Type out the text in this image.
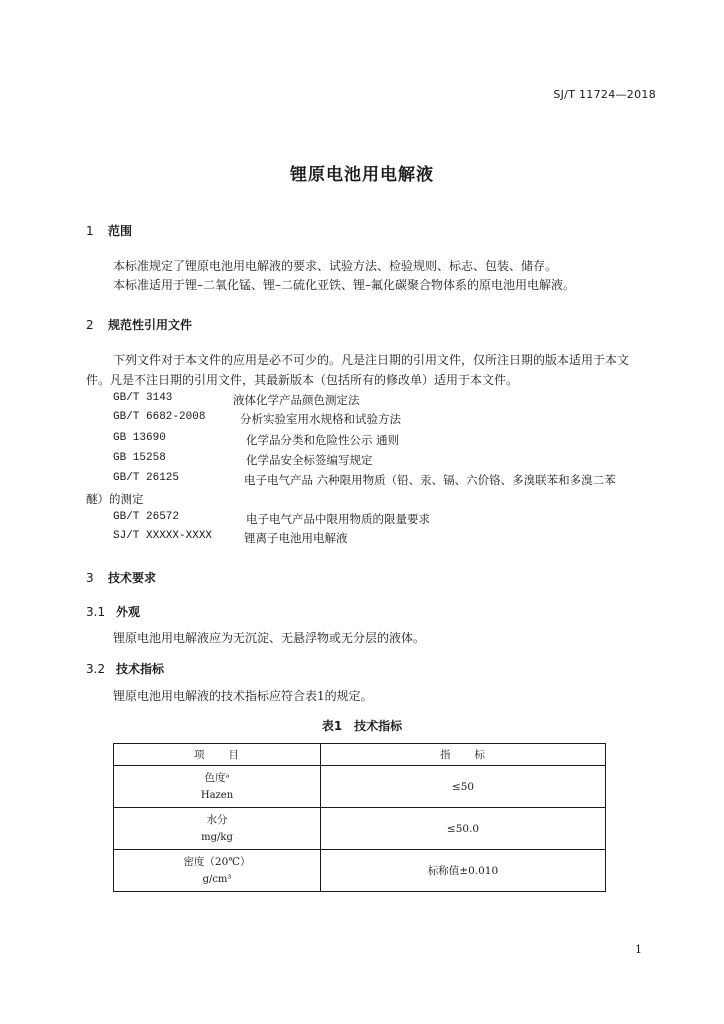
SJ/T 11724—2018
锂原电池用电解液
1 范围
本标准规定了锂原电池用电解液的要求、试验方法、检验规则、标志、包装、储存。
本标准适用于锂–二氧化锰、锂–二硫化亚铁、锂–氟化碳聚合物体系的原电池用电解液。
2 规范性引用文件
下列文件对于本文件的应用是必不可少的。凡是注日期的引用文件，仅所注日期的版本适用于本文
件。凡是不注日期的引用文件，其最新版本（包括所有的修改单）适用于本文件。
GB/T 3143	液体化学产品颜色测定法
GB/T 6682-2008	分析实验室用水规格和试验方法
GB 13690	化学品分类和危险性公示 通则
GB 15258	化学品安全标签编写规定
GB/T 26125	电子电气产品 六种限用物质（铅、汞、镉、六价铬、多溴联苯和多溴二苯
醚）的测定
GB/T 26572	电子电气产品中限用物质的限量要求
SJ/T XXXXX-XXXX	锂离子电池用电解液
3 技术要求
3.1 外观
锂原电池用电解液应为无沉淀、无悬浮物或无分层的液体。
3.2 技术指标
锂原电池用电解液的技术指标应符合表1的规定。
表1　技术指标
项　　目	指　　标

色度ᵃ
Hazen	≤50

水分
mg/kg	≤50.0

密度（20℃）
g/cm³	标称值±0.010
1
